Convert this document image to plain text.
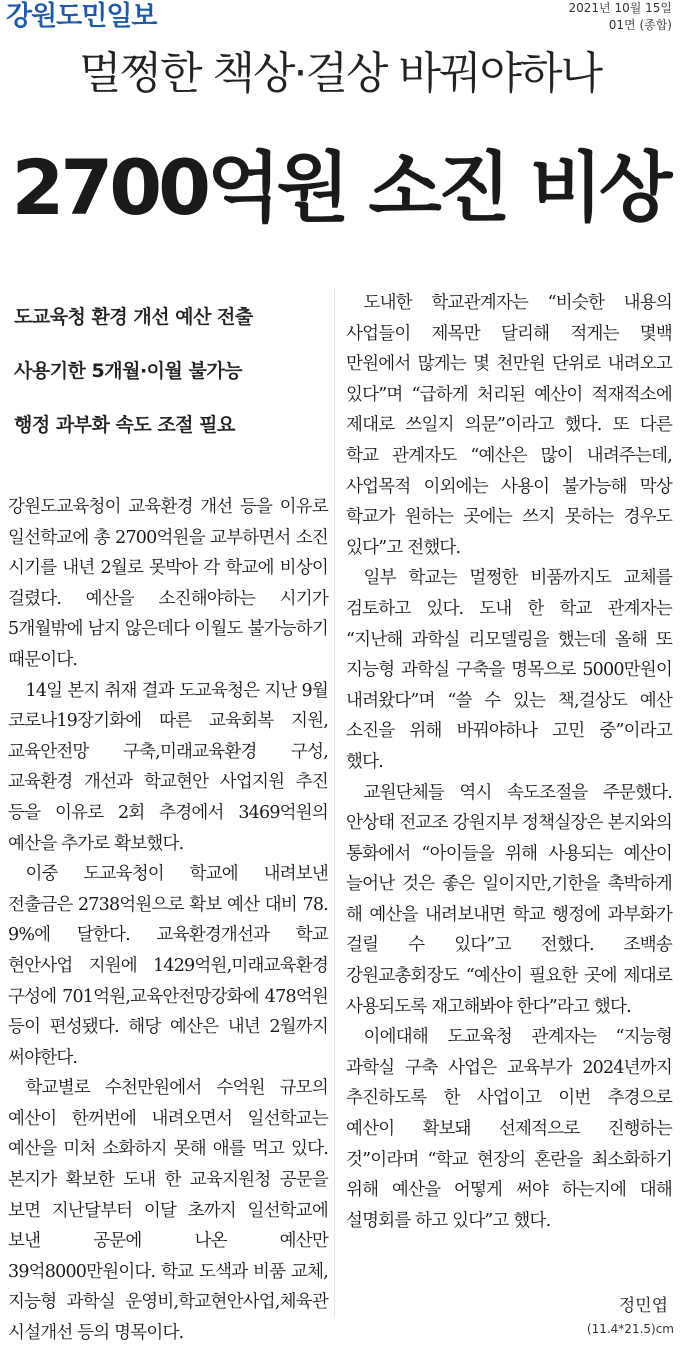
강원도민일보	2021년 10월 15일
01면 (종합)
멀쩡한 책상·걸상 바꿔야하나
2700억원 소진 비상
도교육청 환경 개선 예산 전출
사용기한 5개월·이월 불가능
행정 과부화 속도 조절 필요

강원도교육청이 교육환경 개선 등을 이유로 일선학교에 총 2700억원을 교부하면서 소진 시기를 내년 2월로 못박아 각 학교에 비상이 걸렸다. 예산을 소진해야하는 시기가 5개월밖에 남지 않은데다 이월도 불가능하기 때문이다.

14일 본지 취재 결과 도교육청은 지난 9월 코로나19장기화에 따른 교육회복 지원,교육안전망 구축,미래교육환경 구성,교육환경 개선과 학교현안 사업지원 추진 등을 이유로 2회 추경에서 3469억원의 예산을 추가로 확보했다.

이중 도교육청이 학교에 내려보낸 전출금은 2738억원으로 확보 예산 대비 78. 9%에 달한다. 교육환경개선과 학교 현안사업 지원에 1429억원,미래교육환경 구성에 701억원,교육안전망강화에 478억원 등이 편성됐다. 해당 예산은 내년 2월까지 써야한다.

학교별로 수천만원에서 수억원 규모의 예산이 한꺼번에 내려오면서 일선학교는 예산을 미처 소화하지 못해 애를 먹고 있다. 본지가 확보한 도내 한 교육지원청 공문을 보면 지난달부터 이달 초까지 일선학교에 보낸 공문에 나온 예산만 39억8000만원이다. 학교 도색과 비품 교체,지능형 과학실 운영비,학교현안사업,체육관 시설개선 등의 명목이다.

도내한 학교관계자는 “비슷한 내용의 사업들이 제목만 달리해 적게는 몇백 만원에서 많게는 몇 천만원 단위로 내려오고 있다”며 “급하게 처리된 예산이 적재적소에 제대로 쓰일지 의문”이라고 했다. 또 다른 학교 관계자도 “예산은 많이 내려주는데,사업목적 이외에는 사용이 불가능해 막상 학교가 원하는 곳에는 쓰지 못하는 경우도 있다”고 전했다.

일부 학교는 멀쩡한 비품까지도 교체를 검토하고 있다. 도내 한 학교 관계자는 “지난해 과학실 리모델링을 했는데 올해 또 지능형 과학실 구축을 명목으로 5000만원이 내려왔다”며 “쓸 수 있는 책,걸상도 예산 소진을 위해 바꿔야하나 고민 중”이라고 했다.

교원단체들 역시 속도조절을 주문했다. 안상태 전교조 강원지부 정책실장은 본지와의 통화에서 “아이들을 위해 사용되는 예산이 늘어난 것은 좋은 일이지만,기한을 촉박하게 해 예산을 내려보내면 학교 행정에 과부화가 걸릴 수 있다”고 전했다. 조백송 강원교총회장도 “예산이 필요한 곳에 제대로 사용되도록 재고해봐야 한다”라고 했다.

이에대해 도교육청 관계자는 “지능형 과학실 구축 사업은 교육부가 2024년까지 추진하도록 한 사업이고 이번 추경으로 예산이 확보돼 선제적으로 진행하는 것”이라며 “학교 현장의 혼란을 최소화하기 위해 예산을 어떻게 써야 하는지에 대해 설명회를 하고 있다”고 했다.

정민엽
(11.4*21.5)cm
